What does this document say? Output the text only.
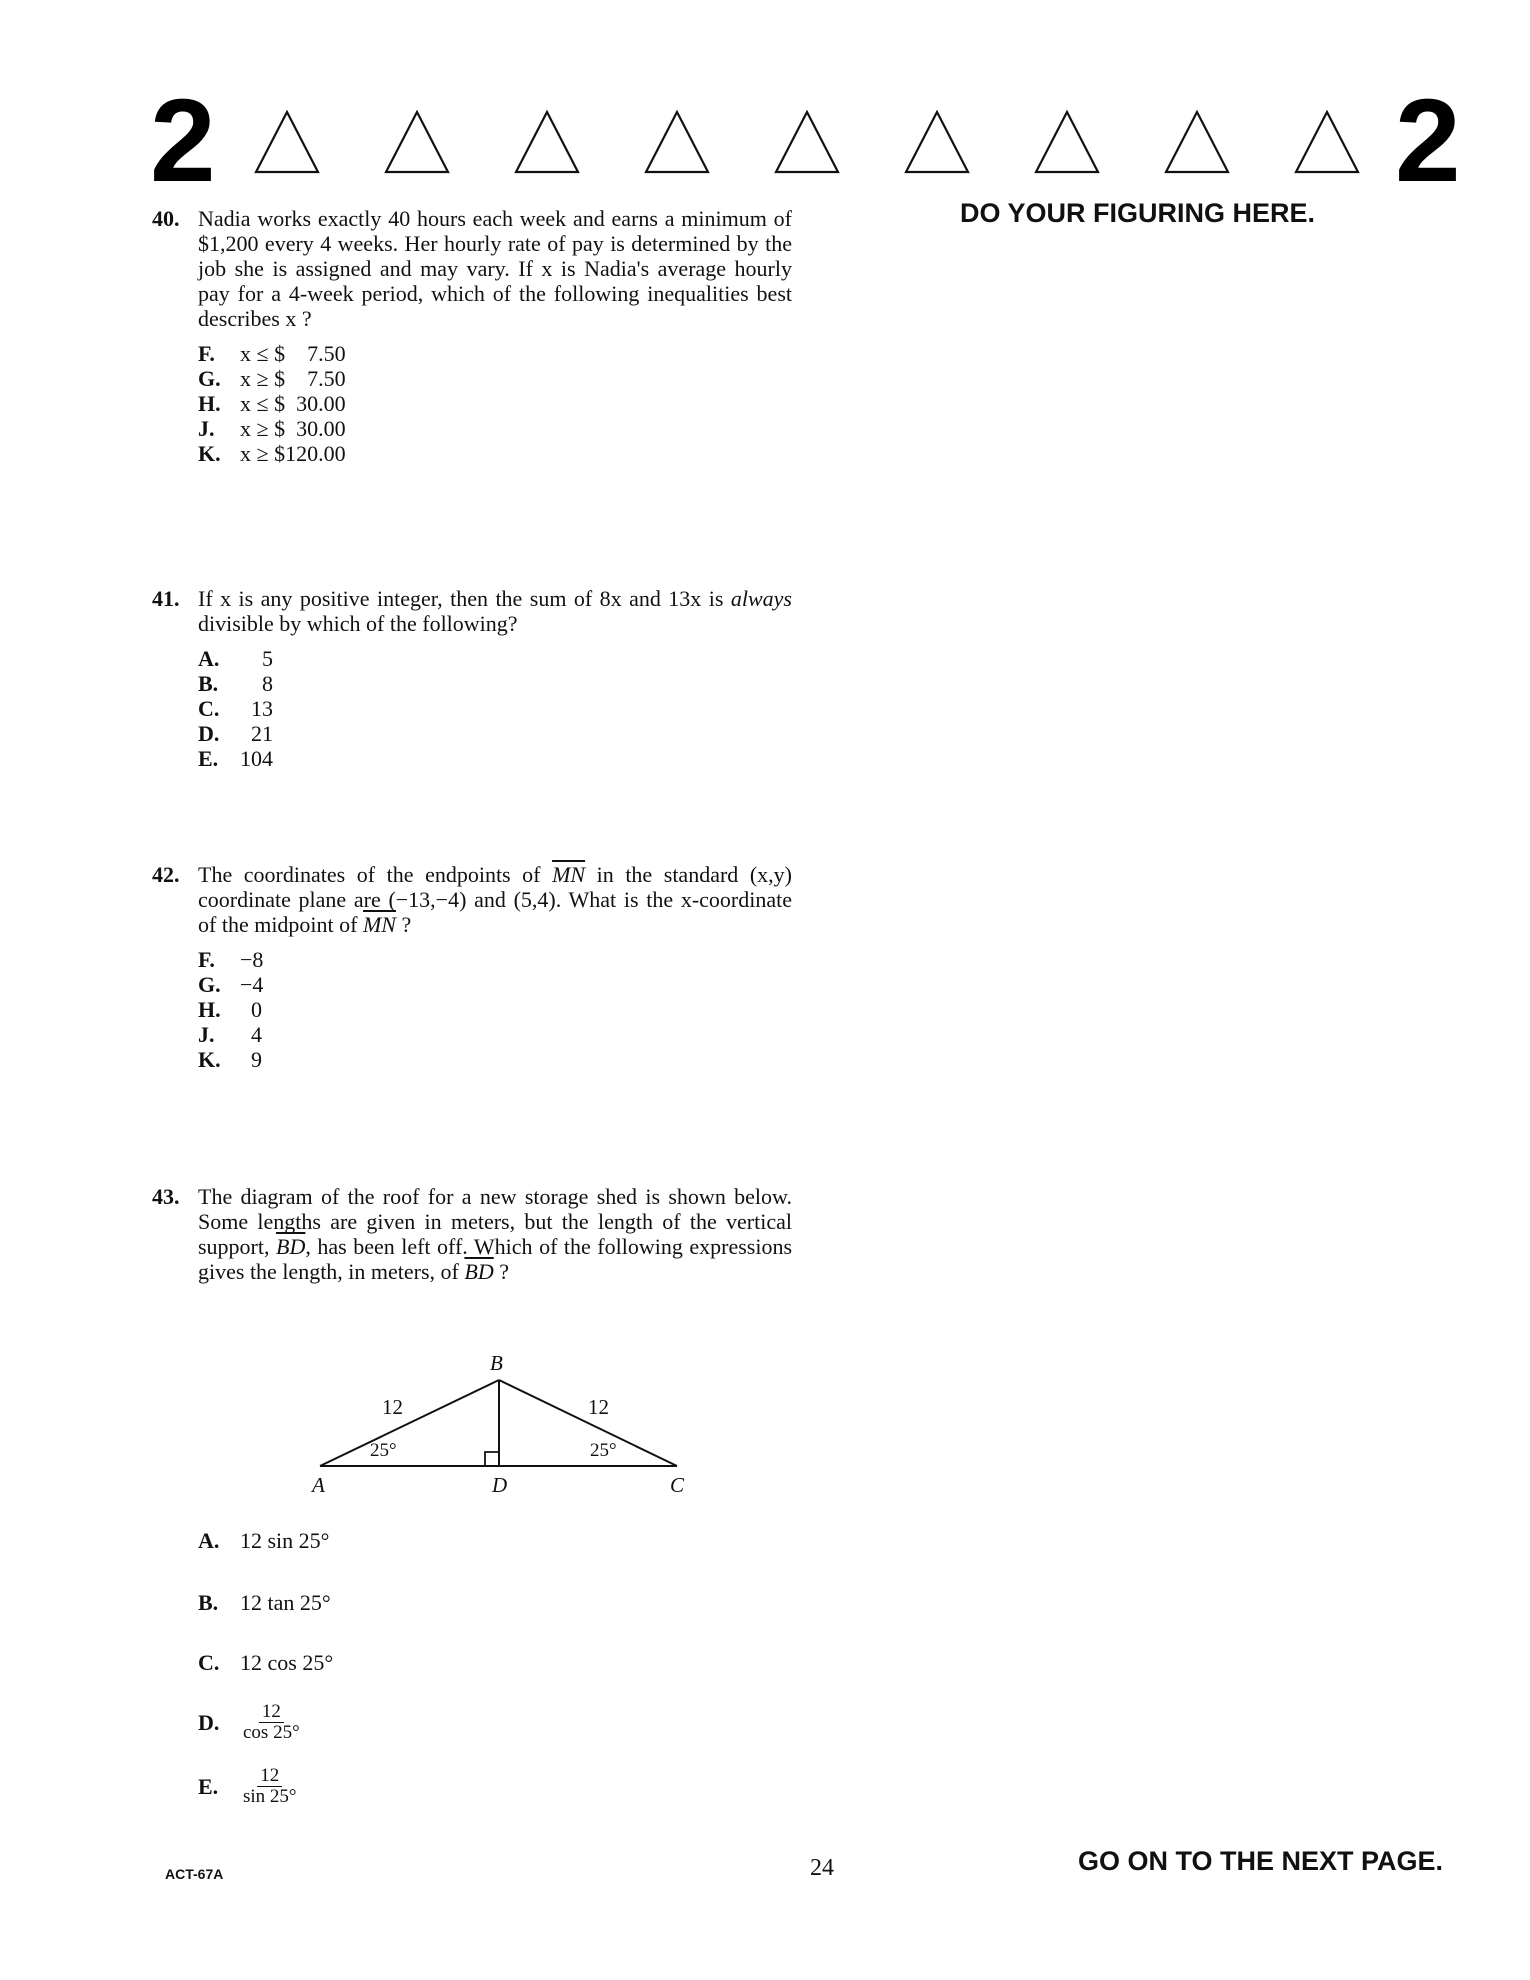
2	2
DO YOUR FIGURING HERE.
40. Nadia works exactly 40 hours each week and earns a minimum of $1,200 every 4 weeks. Her hourly rate of pay is determined by the job she is assigned and may vary. If x is Nadia's average hourly pay for a 4-week period, which of the following inequalities best describes x ?
F.	x ≤ $    7.50
G. x ≥ $    7.50
H. x ≤ $  30.00
J.	x ≥ $  30.00
K. x ≥ $120.00
41. If x is any positive integer, then the sum of 8x and 13x is always divisible by which of the following?
A. 5
B. 8
C. 13
D. 21
E. 104
42. The coordinates of the endpoints of $\overline{MN}$ in the standard (x,y) coordinate plane are (−13,−4) and (5,4). What is the x-coordinate of the midpoint of $\overline{MN}$ ?
F.	−8
G. −4
H. 0
J.	4
K. 9
43. The diagram of the roof for a new storage shed is shown below. Some lengths are given in meters, but the length of the vertical support, $\overline{BD}$, has been left off. Which of the following expressions gives the length, in meters, of $\overline{BD}$ ?
A. 12 sin 25°
B. 12 tan 25°
C. 12 cos 25°
D.	$\frac{12}{\cos 25^\circ}$
E.	$\frac{12}{\sin 25^\circ}$
B
A	D	C
12	12
25°	25°
ACT-67A	24	GO ON TO THE NEXT PAGE.
